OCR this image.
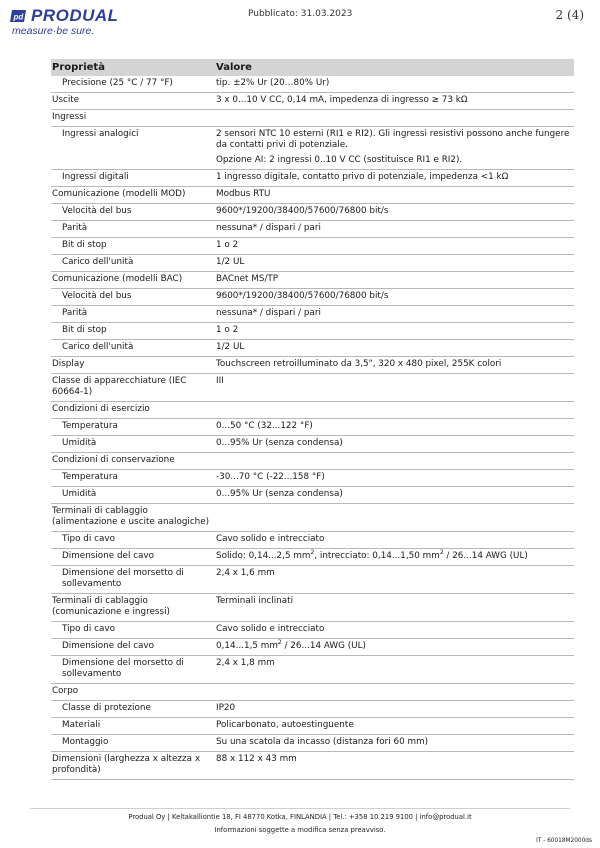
pd PRODUAL
measure·be sure.
Pubblicato: 31.03.2023	2 (4)
Proprietà	Valore
Precisione (25 °C / 77 °F)	tip. ±2% Ur (20…80% Ur)
Uscite	3 x 0...10 V CC, 0,14 mA, impedenza di ingresso ≥ 73 kΩ
Ingressi	
Ingressi analogici	2 sensori NTC 10 esterni (RI1 e RI2). Gli ingressi resistivi possono anche fungere da contatti privi di potenziale.

Opzione AI: 2 ingressi 0..10 V CC (sostituisce RI1 e RI2).

Ingressi digitali	1 ingresso digitale, contatto privo di potenziale, impedenza <1 kΩ
Comunicazione (modelli MOD)	Modbus RTU
Velocità del bus	9600*/19200/38400/57600/76800 bit/s
Parità	nessuna* / dispari / pari
Bit di stop	1 o 2
Carico dell'unità	1/2 UL
Comunicazione (modelli BAC)	BACnet MS/TP
Velocità del bus	9600*/19200/38400/57600/76800 bit/s
Parità	nessuna* / dispari / pari
Bit di stop	1 o 2
Carico dell'unità	1/2 UL
Display	Touchscreen retroilluminato da 3,5", 320 x 480 pixel, 255K colori
Classe di apparecchiature (IEC 60664-1)	III
Condizioni di esercizio	
Temperatura	0...50 °C (32...122 °F)
Umidità	0...95% Ur (senza condensa)
Condizioni di conservazione	
Temperatura	-30...70 °C (-22...158 °F)
Umidità	0...95% Ur (senza condensa)
Terminali di cablaggio (alimentazione e uscite analogiche)	
Tipo di cavo	Cavo solido e intrecciato
Dimensione del cavo	Solido: 0,14...2,5 $mm^2$, intrecciato: 0,14...1,50 $mm^2 / 26...14$ AWG (UL)
Dimensione del morsetto di sollevamento	2,4 x 1,6 mm
Terminali di cablaggio (comunicazione e ingressi)	Terminali inclinati
Tipo di cavo	Cavo solido e intrecciato
Dimensione del cavo	0,14...1,5 $mm^2 / 26...14$ AWG (UL)
Dimensione del morsetto di sollevamento	2,4 x 1,8 mm
Corpo	
Classe di protezione	IP20
Materiali	Policarbonato, autoestinguente
Montaggio	Su una scatola da incasso (distanza fori 60 mm)
Dimensioni (larghezza x altezza x profondità)	88 x 112 x 43 mm
Produal Oy | Keltakalliontie 18, FI 48770 Kotka, FINLANDIA | Tel.: +358 10 219 9100 | info@produal.it
Informazioni soggette a modifica senza preavviso.
IT - 60018M2000ds
